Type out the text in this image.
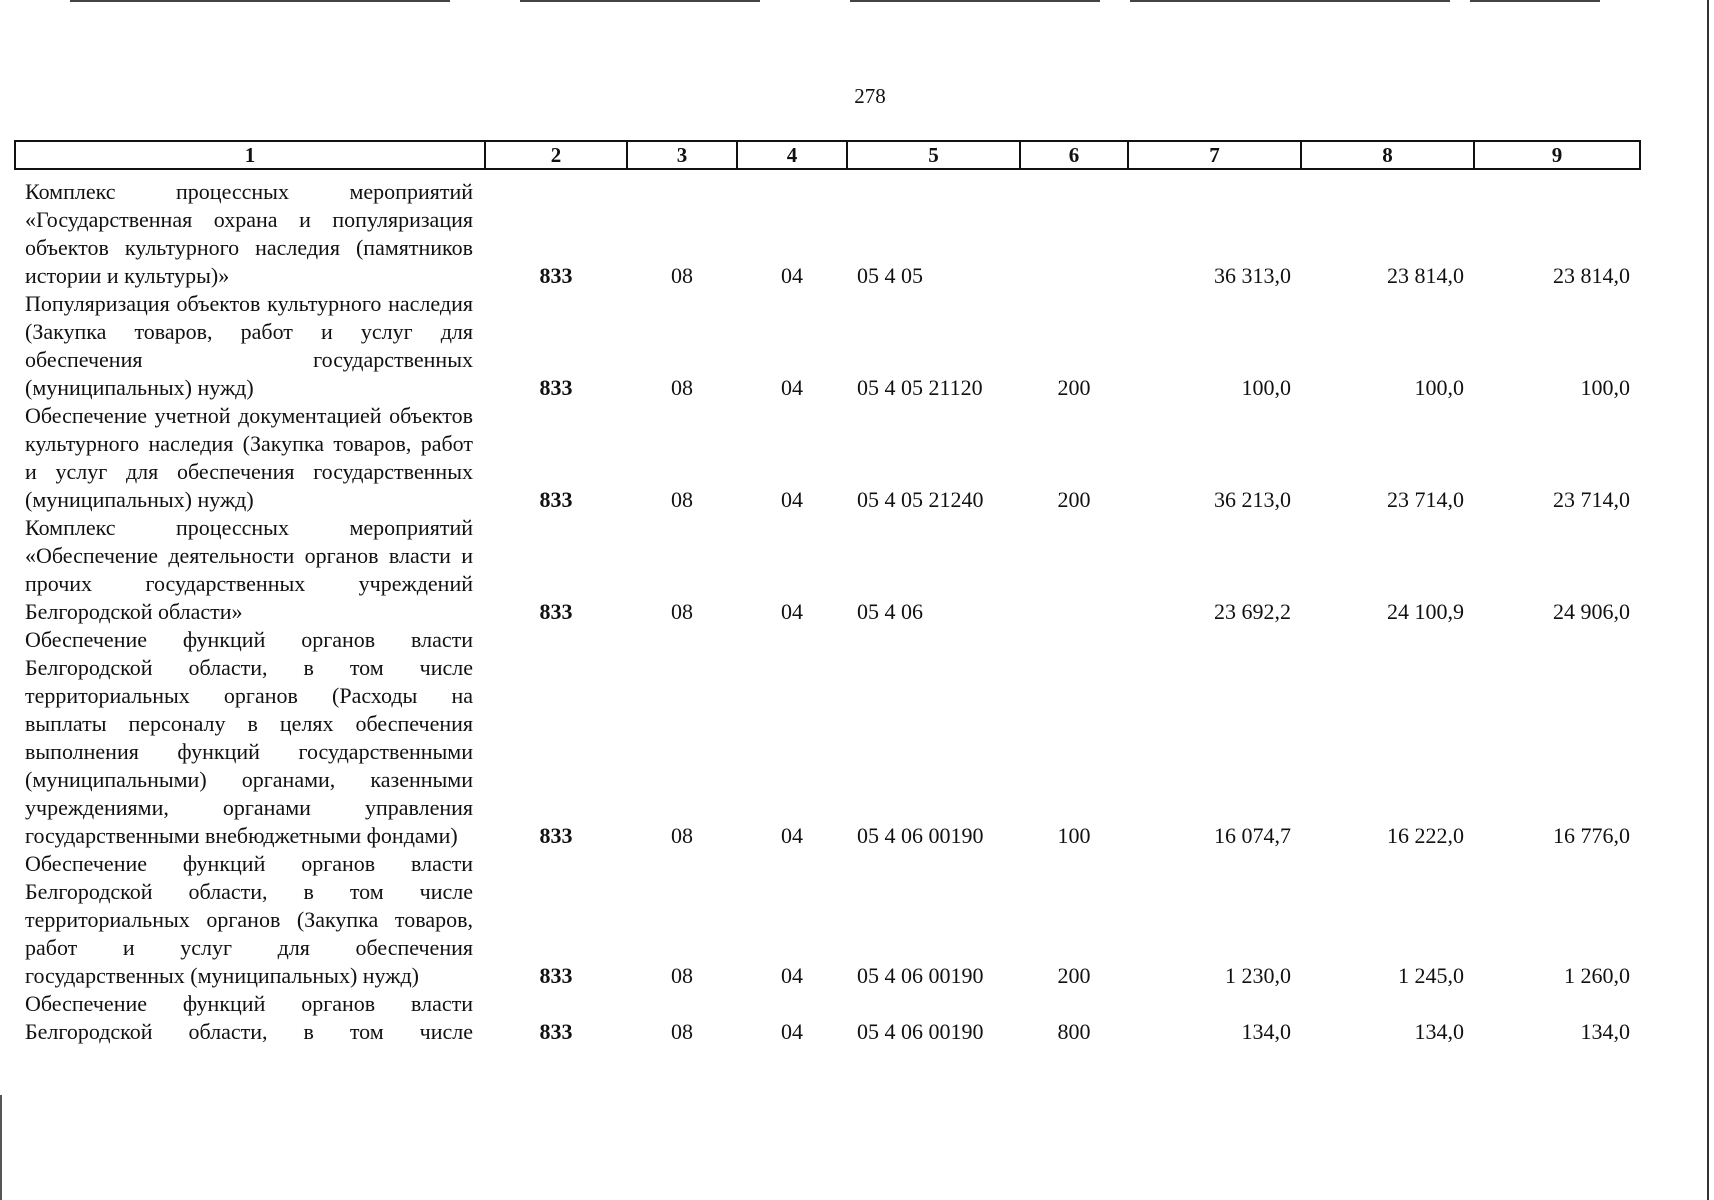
278
1	2	3	4	5	6	7	8	9
Комплекс процессных мероприятий «Государственная охрана и популяризация объектов культурного наследия (памятников истории и культуры)»	833	08	04	05 4 05		36 313,0	23 814,0	23 814,0
Популяризация объектов культурного наследия (Закупка товаров, работ и услуг для обеспечения государственных (муниципальных) нужд)	833	08	04	05 4 05 21120	200	100,0	100,0	100,0
Обеспечение учетной документацией объектов культурного наследия (Закупка товаров, работ и услуг для обеспечения государственных (муниципальных) нужд)	833	08	04	05 4 05 21240	200	36 213,0	23 714,0	23 714,0
Комплекс процессных мероприятий «Обеспечение деятельности органов власти и прочих государственных учреждений Белгородской области»	833	08	04	05 4 06		23 692,2	24 100,9	24 906,0
Обеспечение функций органов власти Белгородской области, в том числе территориальных органов (Расходы на выплаты персоналу в целях обеспечения выполнения функций государственными (муниципальными) органами, казенными учреждениями, органами управления государственными внебюджетными фондами)	833	08	04	05 4 06 00190	100	16 074,7	16 222,0	16 776,0
Обеспечение функций органов власти Белгородской области, в том числе территориальных органов (Закупка товаров, работ и услуг для обеспечения государственных (муниципальных) нужд)	833	08	04	05 4 06 00190	200	1 230,0	1 245,0	1 260,0
Обеспечение функций органов власти Белгородской области, в том числе	833	08	04	05 4 06 00190	800	134,0	134,0	134,0
